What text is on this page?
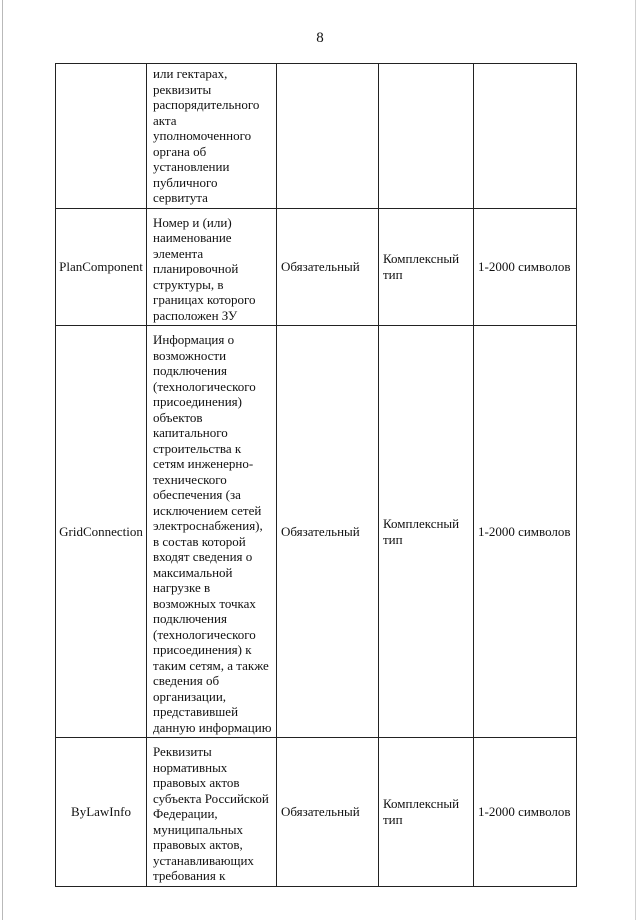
8

	или гектарах, реквизиты распорядительного акта уполномоченного органа об установлении публичного сервитута			

PlanComponent	Номер и (или) наименование элемента планировочной структуры, в границах которого расположен ЗУ	Обязательный	Комплексный тип	1-2000 символов
GridConnection	Информация о возможности подключения (технологического присоединения) объектов капитального строительства к сетям инженерно-технического обеспечения (за исключением сетей электроснабжения), в состав которой входят сведения о максимальной нагрузке в возможных точках подключения (технологического присоединения) к таким сетям, а также сведения об организации, представившей данную информацию	Обязательный	Комплексный тип	1-2000 символов
ByLawInfo	Реквизиты нормативных правовых актов субъекта Российской Федерации, муниципальных правовых актов, устанавливающих требования к	Обязательный	Комплексный тип	1-2000 символов
